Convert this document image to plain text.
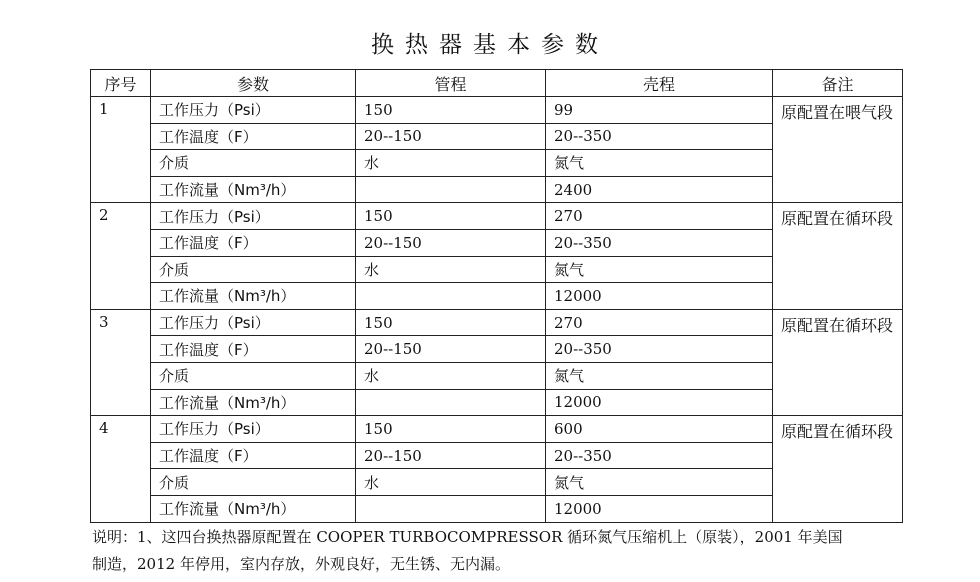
换热器基本参数
序号	参数	管程	壳程	备注
1	工作压力（Psi）	150	99	原配置在喂气段
	工作温度（F）	20--150	20--350	
	介质	水	氮气	
	工作流量（Nm³/h）		2400	
2	工作压力（Psi）	150	270	原配置在循环段
	工作温度（F）	20--150	20--350	
	介质	水	氮气	
	工作流量（Nm³/h）		12000	
3	工作压力（Psi）	150	270	原配置在循环段
	工作温度（F）	20--150	20--350	
	介质	水	氮气	
	工作流量（Nm³/h）		12000	
4	工作压力（Psi）	150	600	原配置在循环段
	工作温度（F）	20--150	20--350	
	介质	水	氮气	
	工作流量（Nm³/h）		12000	

说明：1、这四台换热器原配置在 COOPER TURBOCOMPRESSOR 循环氮气压缩机上（原装），2001 年美国

制造，2012 年停用，室内存放，外观良好，无生锈、无内漏。
